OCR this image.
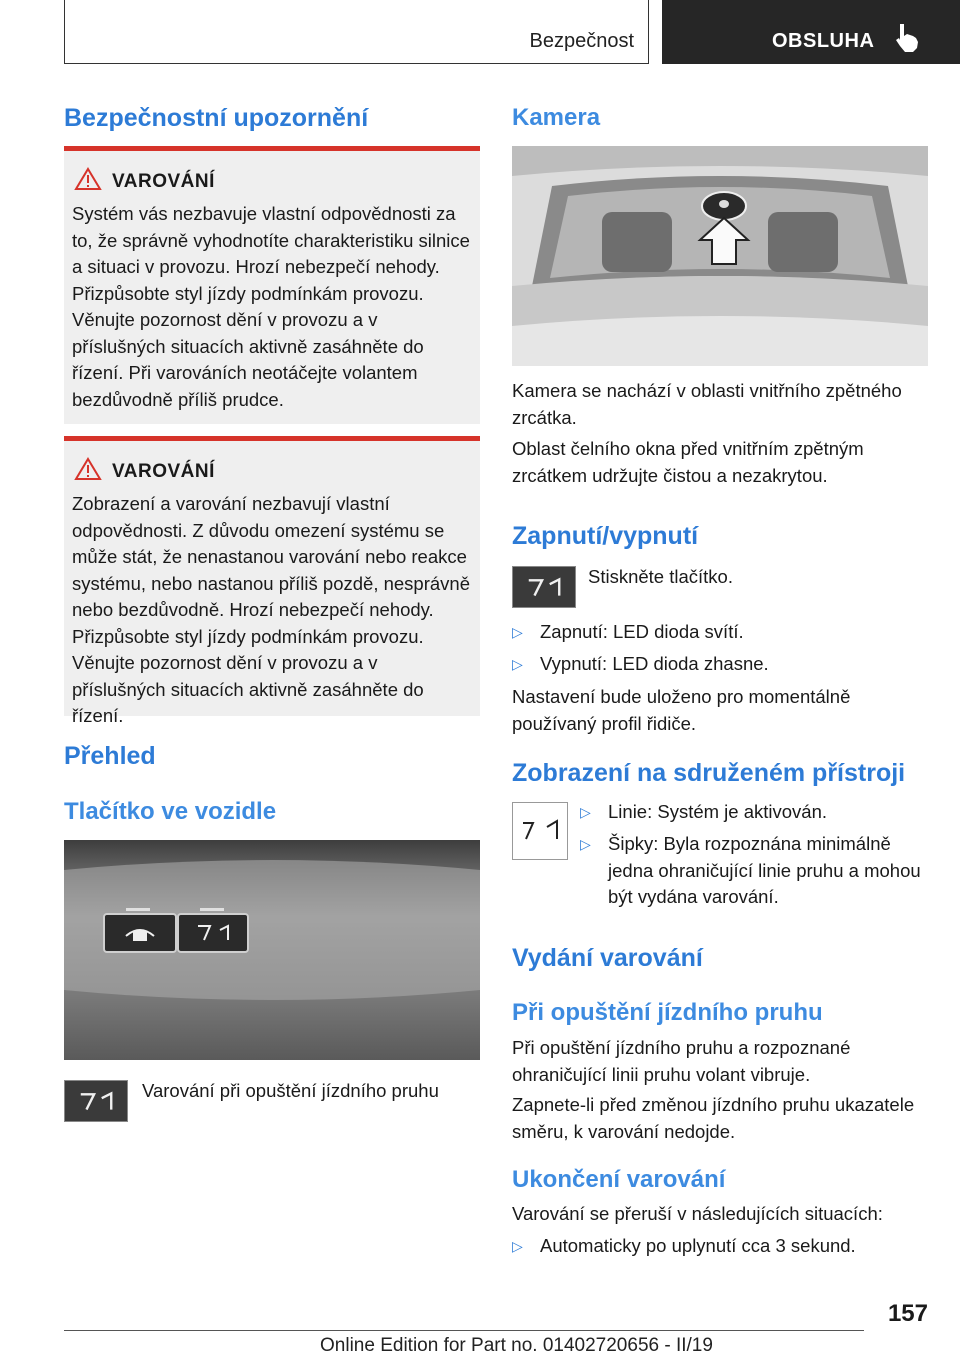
Bezpečnost	OBSLUHA
Bezpečnostní upozornění
VAROVÁNÍ
Systém vás nezbavuje vlastní odpovědnosti za to, že správně vyhodnotíte charakteristiku silnice a situaci v provozu. Hrozí nebezpečí nehody. Přizpůsobte styl jízdy podmínkám provozu. Věnujte pozornost dění v provozu a v příslušných situacích aktivně zasáhněte do řízení. Při varováních neotáčejte volantem bezdůvodně příliš prudce.
VAROVÁNÍ
Zobrazení a varování nezbavují vlastní odpovědnosti. Z důvodu omezení systému se může stát, že nenastanou varování nebo reakce systému, nebo nastanou příliš pozdě, nesprávně nebo bezdůvodně. Hrozí nebezpečí nehody. Přizpůsobte styl jízdy podmínkám provozu. Věnujte pozornost dění v provozu a v příslušných situacích aktivně zasáhněte do řízení.
Přehled
Tlačítko ve vozidle
Varování při opuštění jízdního pruhu
Kamera
Kamera se nachází v oblasti vnitřního zpětného zrcátka.
Oblast čelního okna před vnitřním zpětným zrcátkem udržujte čistou a nezakrytou.
Zapnutí/vypnutí
Stiskněte tlačítko.
▷ Zapnutí: LED dioda svítí.
▷ Vypnutí: LED dioda zhasne.
Nastavení bude uloženo pro momentálně používaný profil řidiče.
Zobrazení na sdruženém přístroji
▷ Linie: Systém je aktivován.
▷ Šipky: Byla rozpoznána minimálně jedna ohraničující linie pruhu a mohou být vydána varování.
Vydání varování
Při opuštění jízdního pruhu
Při opuštění jízdního pruhu a rozpoznané ohraničující linii pruhu volant vibruje.
Zapnete-li před změnou jízdního pruhu ukazatele směru, k varování nedojde.
Ukončení varování
Varování se přeruší v následujících situacích:
▷ Automaticky po uplynutí cca 3 sekund.
157
Online Edition for Part no. 01402720656 - II/19
